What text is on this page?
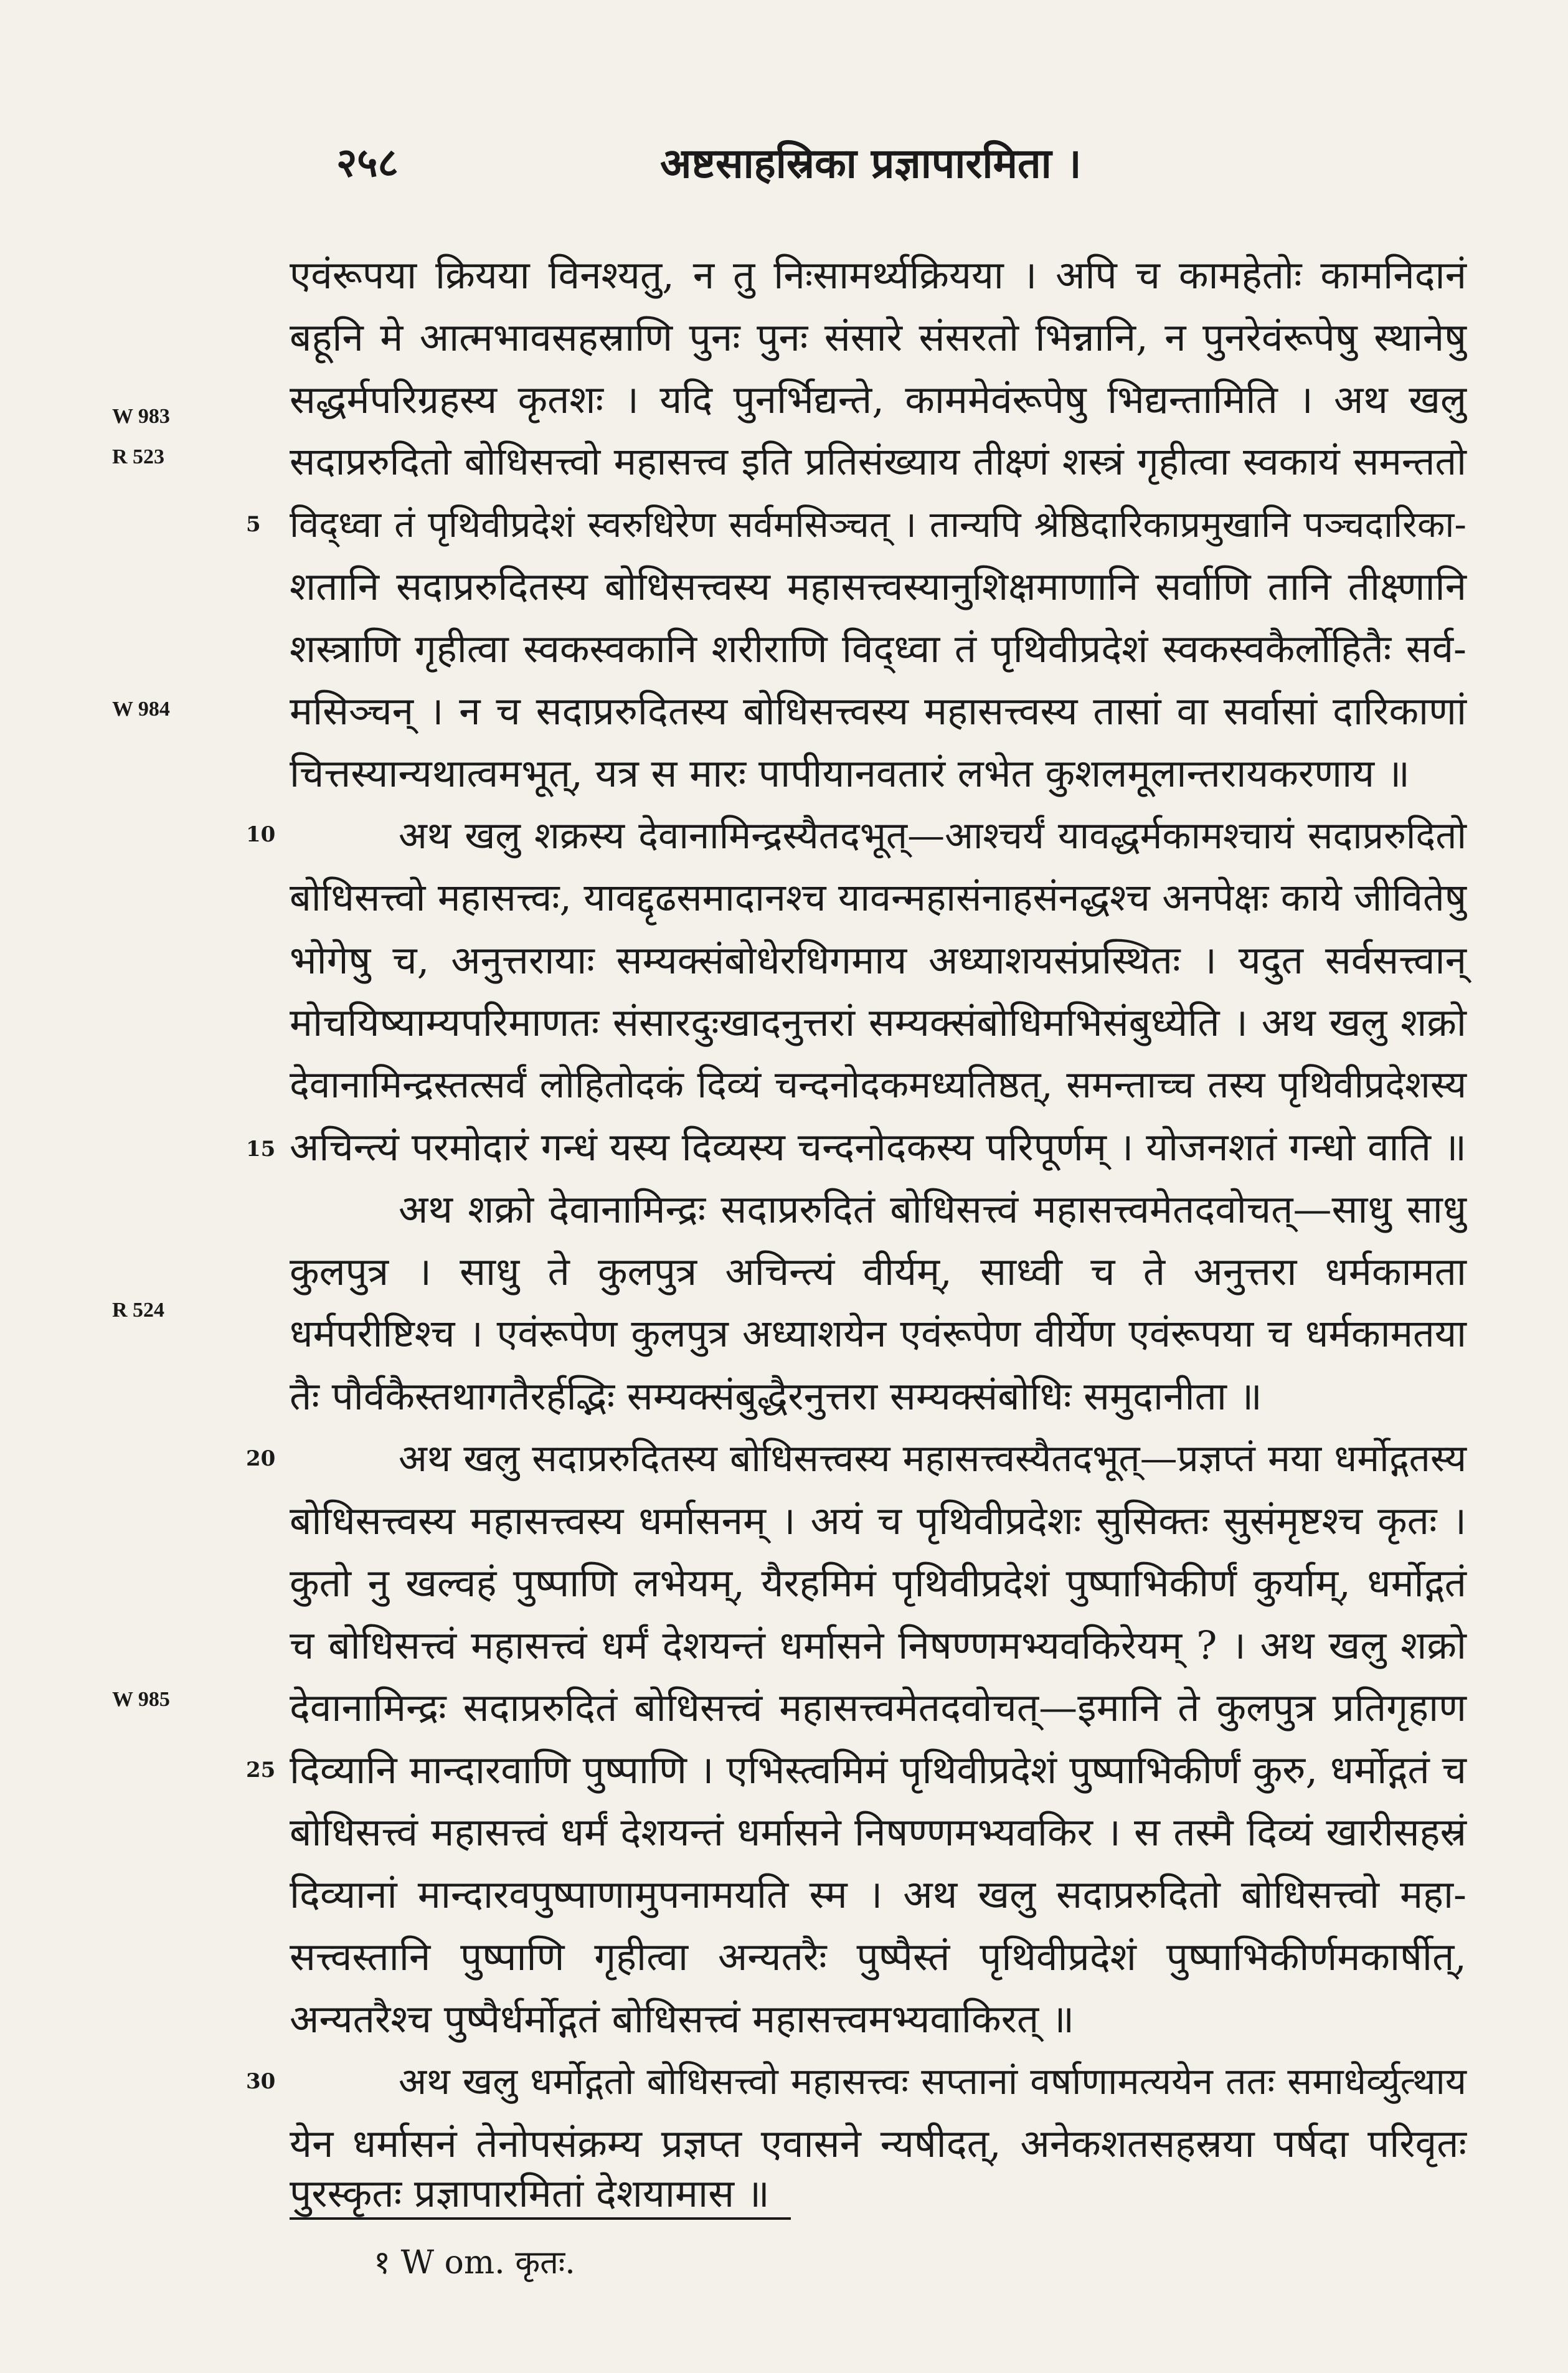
२५८	अष्टसाहस्रिका प्रज्ञापारमिता ।
W 983
R 523
W 984
R 524
W 985
5
10
15
20
25
30
एवंरूपया क्रियया विनश्यतु, न तु निःसामर्थ्यक्रियया । अपि च कामहेतोः कामनिदानं
बहूनि मे आत्मभावसहस्राणि पुनः पुनः संसारे संसरतो भिन्नानि, न पुनरेवंरूपेषु स्थानेषु
सद्धर्मपरिग्रहस्य कृतशः । यदि पुनर्भिद्यन्ते, काममेवंरूपेषु भिद्यन्तामिति । अथ खलु
सदाप्ररुदितो बोधिसत्त्वो महासत्त्व इति प्रतिसंख्याय तीक्ष्णं शस्त्रं गृहीत्वा स्वकायं समन्ततो
विद्ध्वा तं पृथिवीप्रदेशं स्वरुधिरेण सर्वमसिञ्चत् । तान्यपि श्रेष्ठिदारिकाप्रमुखानि पञ्चदारिका-
शतानि सदाप्ररुदितस्य बोधिसत्त्वस्य महासत्त्वस्यानुशिक्षमाणानि सर्वाणि तानि तीक्ष्णानि
शस्त्राणि गृहीत्वा स्वकस्वकानि शरीराणि विद्ध्वा तं पृथिवीप्रदेशं स्वकस्वकैर्लोहितैः सर्व-
मसिञ्चन् । न च सदाप्ररुदितस्य बोधिसत्त्वस्य महासत्त्वस्य तासां वा सर्वासां दारिकाणां
चित्तस्यान्यथात्वमभूत्, यत्र स मारः पापीयानवतारं लभेत कुशलमूलान्तरायकरणाय ॥
अथ खलु शक्रस्य देवानामिन्द्रस्यैतदभूत्—आश्चर्यं यावद्धर्मकामश्चायं सदाप्ररुदितो
बोधिसत्त्वो महासत्त्वः, यावद्दृढसमादानश्च यावन्महासंनाहसंनद्धश्च अनपेक्षः काये जीवितेषु
भोगेषु च, अनुत्तरायाः सम्यक्संबोधेरधिगमाय अध्याशयसंप्रस्थितः । यदुत सर्वसत्त्वान्
मोचयिष्याम्यपरिमाणतः संसारदुःखादनुत्तरां सम्यक्संबोधिमभिसंबुध्येति । अथ खलु शक्रो
देवानामिन्द्रस्तत्सर्वं लोहितोदकं दिव्यं चन्दनोदकमध्यतिष्ठत्, समन्ताच्च तस्य पृथिवीप्रदेशस्य
अचिन्त्यं परमोदारं गन्धं यस्य दिव्यस्य चन्दनोदकस्य परिपूर्णम् । योजनशतं गन्धो वाति ॥
अथ शक्रो देवानामिन्द्रः सदाप्ररुदितं बोधिसत्त्वं महासत्त्वमेतदवोचत्—साधु साधु
कुलपुत्र । साधु ते कुलपुत्र अचिन्त्यं वीर्यम्, साध्वी च ते अनुत्तरा धर्मकामता
धर्मपरीष्टिश्च । एवंरूपेण कुलपुत्र अध्याशयेन एवंरूपेण वीर्येण एवंरूपया च धर्मकामतया
तैः पौर्वकैस्तथागतैरर्हद्भिः सम्यक्संबुद्धैरनुत्तरा सम्यक्संबोधिः समुदानीता ॥
अथ खलु सदाप्ररुदितस्य बोधिसत्त्वस्य महासत्त्वस्यैतदभूत्—प्रज्ञप्तं मया धर्मोद्गतस्य
बोधिसत्त्वस्य महासत्त्वस्य धर्मासनम् । अयं च पृथिवीप्रदेशः सुसिक्तः सुसंमृष्टश्च कृतः ।
कुतो नु खल्वहं पुष्पाणि लभेयम्, यैरहमिमं पृथिवीप्रदेशं पुष्पाभिकीर्णं कुर्याम्, धर्मोद्गतं
च बोधिसत्त्वं महासत्त्वं धर्मं देशयन्तं धर्मासने निषण्णमभ्यवकिरेयम् ? । अथ खलु शक्रो
देवानामिन्द्रः सदाप्ररुदितं बोधिसत्त्वं महासत्त्वमेतदवोचत्—इमानि ते कुलपुत्र प्रतिगृहाण
दिव्यानि मान्दारवाणि पुष्पाणि । एभिस्त्वमिमं पृथिवीप्रदेशं पुष्पाभिकीर्णं कुरु, धर्मोद्गतं च
बोधिसत्त्वं महासत्त्वं धर्मं देशयन्तं धर्मासने निषण्णमभ्यवकिर । स तस्मै दिव्यं खारीसहस्रं
दिव्यानां मान्दारवपुष्पाणामुपनामयति स्म । अथ खलु सदाप्ररुदितो बोधिसत्त्वो महा-
सत्त्वस्तानि पुष्पाणि गृहीत्वा अन्यतरैः पुष्पैस्तं पृथिवीप्रदेशं पुष्पाभिकीर्णमकार्षीत्,
अन्यतरैश्च पुष्पैर्धर्मोद्गतं बोधिसत्त्वं महासत्त्वमभ्यवाकिरत् ॥
अथ खलु धर्मोद्गतो बोधिसत्त्वो महासत्त्वः सप्तानां वर्षाणामत्ययेन ततः समाधेर्व्युत्थाय
येन धर्मासनं तेनोपसंक्रम्य प्रज्ञप्त एवासने न्यषीदत्, अनेकशतसहस्रया पर्षदा परिवृतः
पुरस्कृतः प्रज्ञापारमितां देशयामास ॥
१ W om. कृतः.
